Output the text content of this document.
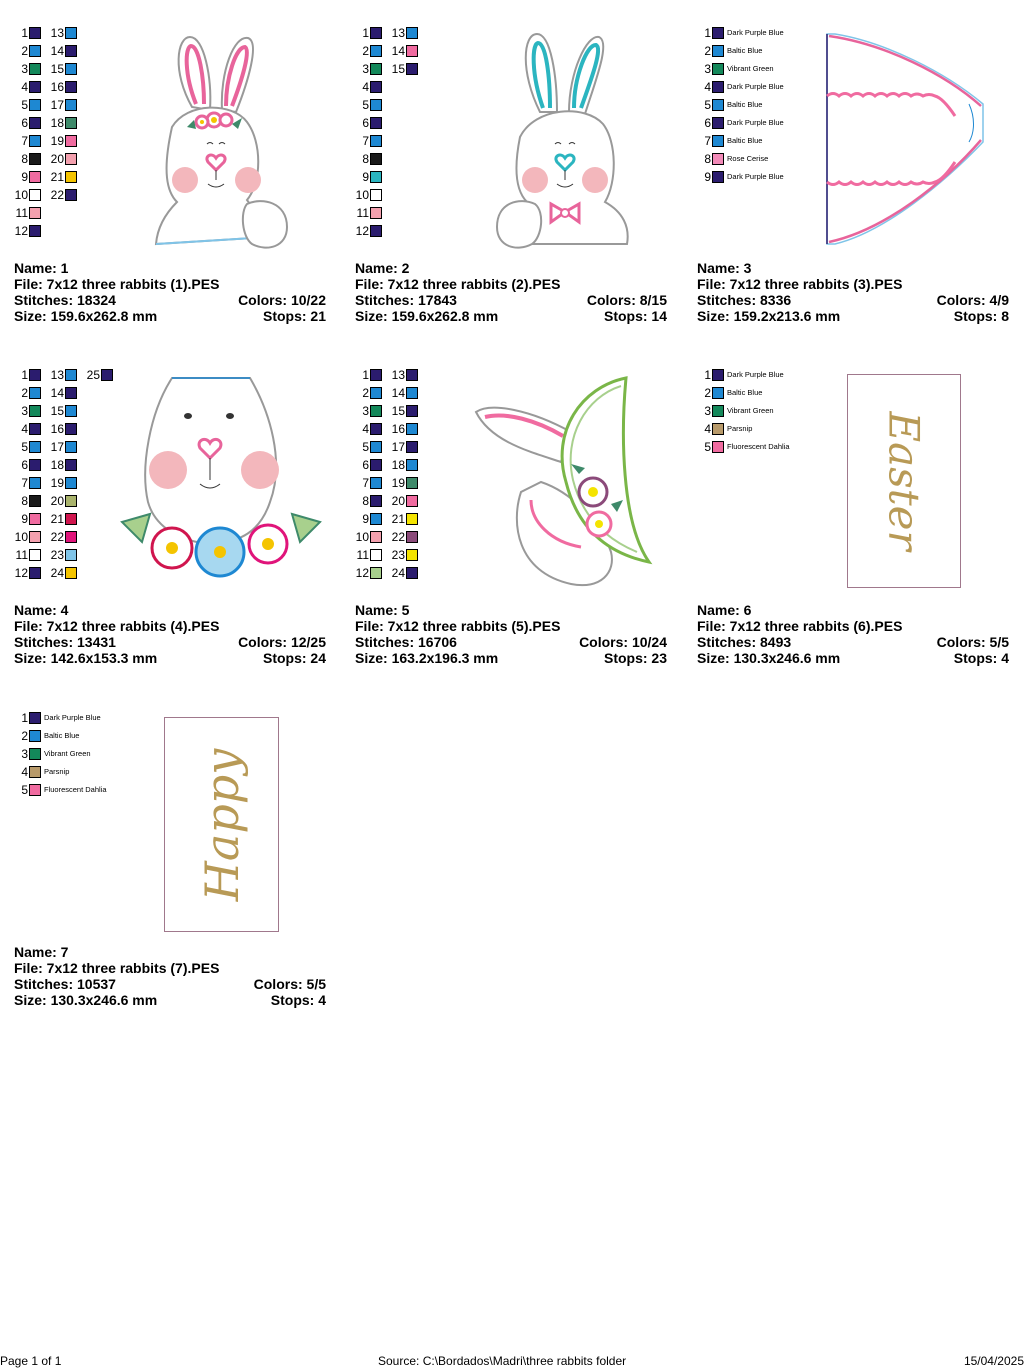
1
2
3
4
5
6
7
8
9
10
11
12
13
14
15
16
17
18
19
20
21
22
Name: 1
File: 7x12 three rabbits (1).PES
Stitches: 18324	Colors: 10/22
Size: 159.6x262.8 mm	Stops: 21
1
2
3
4
5
6
7
8
9
10
11
12
13
14
15
Name: 2
File: 7x12 three rabbits (2).PES
Stitches: 17843	Colors: 8/15
Size: 159.6x262.8 mm	Stops: 14
1 Dark Purple Blue
2 Baltic Blue
3 Vibrant Green
4 Dark Purple Blue
5 Baltic Blue
6 Dark Purple Blue
7 Baltic Blue
8 Rose Cerise
9 Dark Purple Blue
Name: 3
File: 7x12 three rabbits (3).PES
Stitches: 8336	Colors: 4/9
Size: 159.2x213.6 mm	Stops: 8
1
2
3
4
5
6
7
8
9
10
11
12
13
14
15
16
17
18
19
20
21
22
23
24
25
Name: 4
File: 7x12 three rabbits (4).PES
Stitches: 13431	Colors: 12/25
Size: 142.6x153.3 mm	Stops: 24
1
2
3
4
5
6
7
8
9
10
11
12
13
14
15
16
17
18
19
20
21
22
23
24
Name: 5
File: 7x12 three rabbits (5).PES
Stitches: 16706	Colors: 10/24
Size: 163.2x196.3 mm	Stops: 23
1 Dark Purple Blue
2 Baltic Blue
3 Vibrant Green
4 Parsnip
5 Fluorescent Dahlia Easter
Name: 6
File: 7x12 three rabbits (6).PES
Stitches: 8493	Colors: 5/5
Size: 130.3x246.6 mm	Stops: 4
1 Dark Purple Blue
2 Baltic Blue
3 Vibrant Green
4 Parsnip
5 Fluorescent Dahlia Happy
Name: 7
File: 7x12 three rabbits (7).PES
Stitches: 10537	Colors: 5/5
Size: 130.3x246.6 mm	Stops: 4
Page 1 of 1	Source: C:\Bordados\Madri\three rabbits folder	15/04/2025
